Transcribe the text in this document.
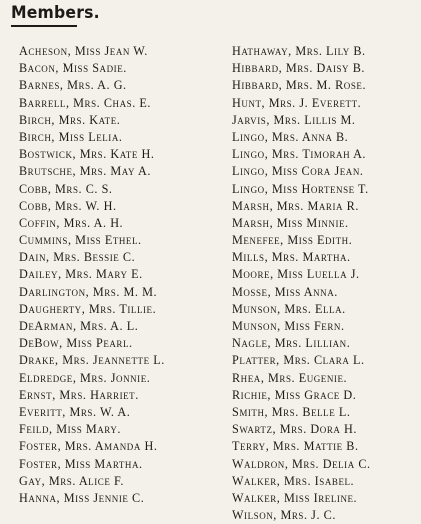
Members.
Acheson, Miss Jean W.
Bacon, Miss Sadie.
Barnes, Mrs. A. G.
Barrell, Mrs. Chas. E.
Birch, Mrs. Kate.
Birch, Miss Lelia.
Bostwick, Mrs. Kate H.
Brutsche, Mrs. May A.
Cobb, Mrs. C. S.
Cobb, Mrs. W. H.
Coffin, Mrs. A. H.
Cummins, Miss Ethel.
Dain, Mrs. Bessie C.
Dailey, Mrs. Mary E.
Darlington, Mrs. M. M.
Daugherty, Mrs. Tillie.
DeArman, Mrs. A. L.
DeBow, Miss Pearl.
Drake, Mrs. Jeannette L.
Eldredge, Mrs. Jonnie.
Ernst, Mrs. Harriet.
Everitt, Mrs. W. A.
Feild, Miss Mary.
Foster, Mrs. Amanda H.
Foster, Miss Martha.
Gay, Mrs. Alice F.
Hanna, Miss Jennie C.
Hathaway, Mrs. Lily B.
Hibbard, Mrs. Daisy B.
Hibbard, Mrs. M. Rose.
Hunt, Mrs. J. Everett.
Jarvis, Mrs. Lillis M.
Lingo, Mrs. Anna B.
Lingo, Mrs. Timorah A.
Lingo, Miss Cora Jean.
Lingo, Miss Hortense T.
Marsh, Mrs. Maria R.
Marsh, Miss Minnie.
Menefee, Miss Edith.
Mills, Mrs. Martha.
Moore, Miss Luella J.
Mosse, Miss Anna.
Munson, Mrs. Ella.
Munson, Miss Fern.
Nagle, Mrs. Lillian.
Platter, Mrs. Clara L.
Rhea, Mrs. Eugenie.
Richie, Miss Grace D.
Smith, Mrs. Belle L.
Swartz, Mrs. Dora H.
Terry, Mrs. Mattie B.
Waldron, Mrs. Delia C.
Walker, Mrs. Isabel.
Walker, Miss Ireline.
Wilson, Mrs. J. C.
